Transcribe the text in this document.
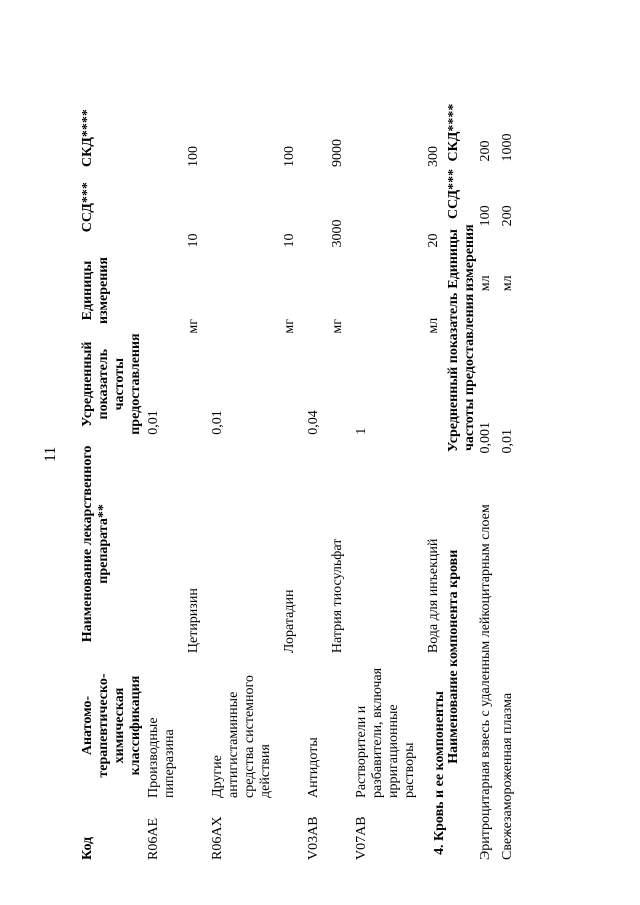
11
Код	Анатомо-терапевтическо-химическая классификация	Наименование лекарственного препарата**	Усредненный показатель частоты предоставления	Единицы измерения	ССД***	СКД****
R06AE	Производные пиперазина		0,01			
		Цетиризин		мг	10	100
R06AX	Другие антигистаминные средства системного действия		0,01			
		Лоратадин		мг	10	100
V03AB	Антидоты		0,04			
		Натрия тиосульфат		мг	3000	9000
V07AB	Растворители и разбавители, включая ирригационные растворы		1			
		Вода для инъекций		мл	20	300
4. Кровь и ее компоненты
Наименование компонента крови	Усредненный показатель частоты предоставления	Единицы измерения	ССД***	СКД****
Эритроцитарная взвесь с удаленным лейкоцитарным слоем	0,001	мл	100	200
Свежезамороженная плазма	0,01	мл	200	1000
